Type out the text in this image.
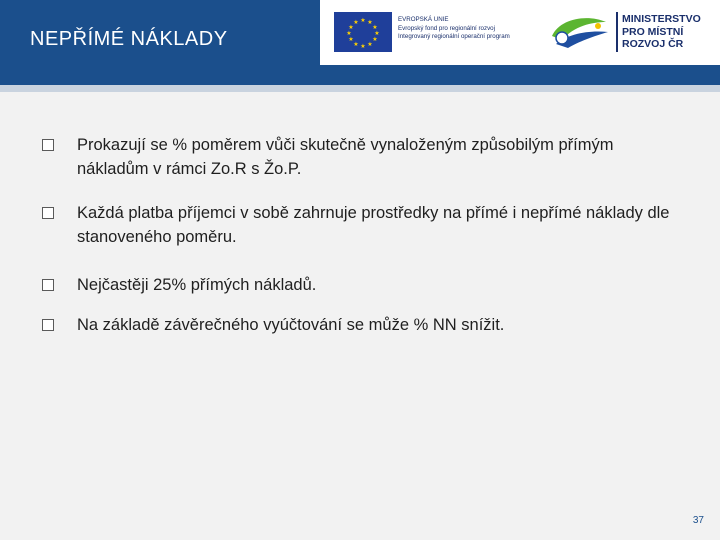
NEPŘÍMÉ NÁKLADY
★ ★
★
★
★
★
★
★
★
★
★
★	EVROPSKÁ UNIE
Evropský fond pro regionální rozvoj
Integrovaný regionální operační program
MINISTERSTVO
PRO MÍSTNÍ
ROZVOJ ČR
Prokazují se % poměrem vůči skutečně vynaloženým způsobilým přímým nákladům v rámci Zo.R s Žo.P.
Každá platba příjemci v sobě zahrnuje prostředky na přímé i nepřímé náklady dle stanoveného poměru.
Nejčastěji 25% přímých nákladů.
Na základě závěrečného vyúčtování se může % NN snížit.
37
